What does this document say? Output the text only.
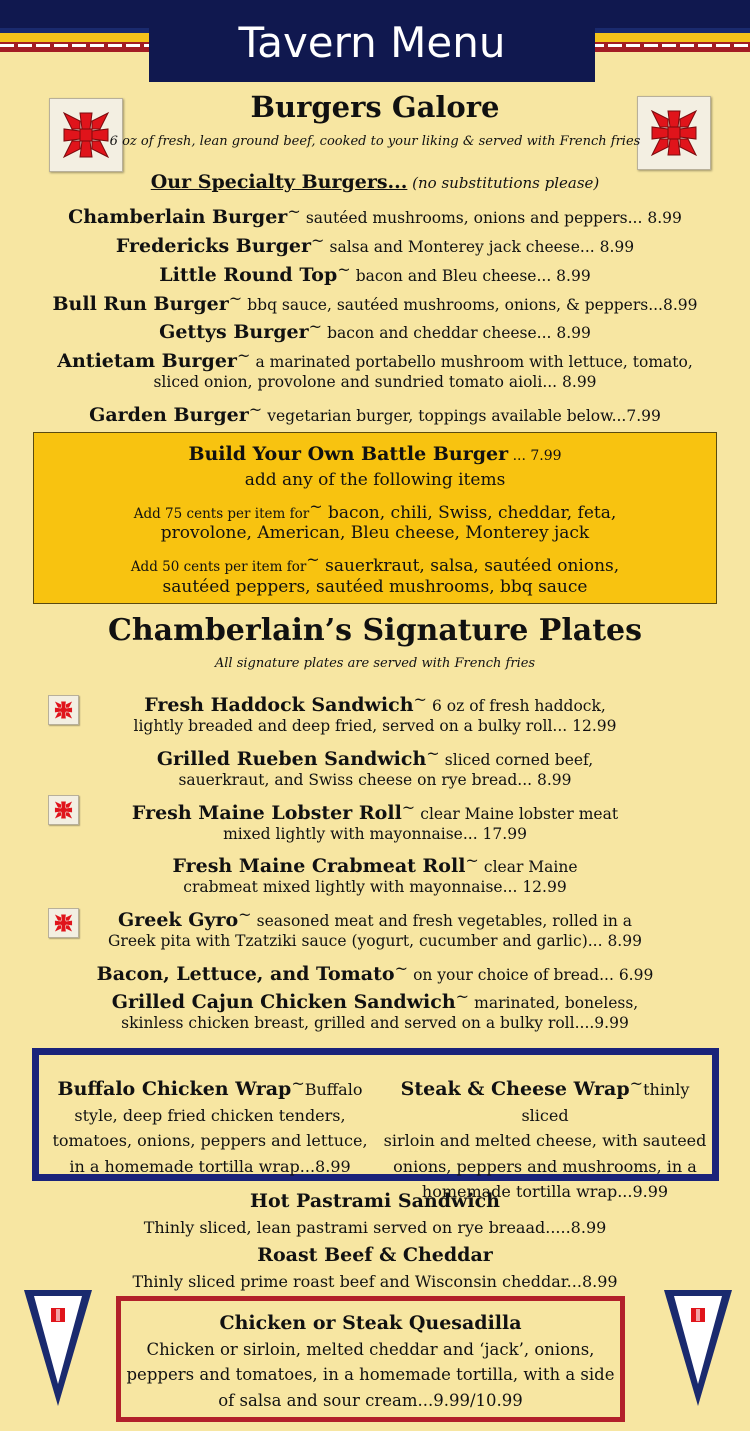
Tavern Menu
Burgers Galore
6 oz of fresh, lean ground beef, cooked to your liking & served with French fries
Our Specialty Burgers... (no substitutions please)
Chamberlain Burger~ sautéed mushrooms, onions and peppers... 8.99
Fredericks Burger~ salsa and Monterey jack cheese... 8.99
Little Round Top~ bacon and Bleu cheese... 8.99
Bull Run Burger~ bbq sauce, sautéed mushrooms, onions, & peppers...8.99
Gettys Burger~ bacon and cheddar cheese... 8.99
Antietam Burger~ a marinated portabello mushroom with lettuce, tomato,
sliced onion, provolone and sundried tomato aioli... 8.99
Garden Burger~ vegetarian burger, toppings available below...7.99
Build Your Own Battle Burger ... 7.99
add any of the following items
Add 75 cents per item for~ bacon, chili, Swiss, cheddar, feta,
provolone, American, Bleu cheese, Monterey jack
Add 50 cents per item for~ sauerkraut, salsa, sautéed onions,
sautéed peppers, sautéed mushrooms, bbq sauce
Chamberlain’s Signature Plates
All signature plates are served with French fries
Fresh Haddock Sandwich~ 6 oz of fresh haddock,
lightly breaded and deep fried, served on a bulky roll... 12.99
Grilled Rueben Sandwich~ sliced corned beef,
sauerkraut, and Swiss cheese on rye bread... 8.99
Fresh Maine Lobster Roll~ clear Maine lobster meat
mixed lightly with mayonnaise... 17.99
Fresh Maine Crabmeat Roll~ clear Maine
crabmeat mixed lightly with mayonnaise... 12.99
Greek Gyro~ seasoned meat and fresh vegetables, rolled in a
Greek pita with Tzatziki sauce (yogurt, cucumber and garlic)... 8.99
Bacon, Lettuce, and Tomato~ on your choice of bread... 6.99
Grilled Cajun Chicken Sandwich~ marinated, boneless,
skinless chicken breast, grilled and served on a bulky roll....9.99
Buffalo Chicken Wrap~Buffalo
style, deep fried chicken tenders,
tomatoes, onions, peppers and lettuce,
in a homemade tortilla wrap...8.99
Steak & Cheese Wrap~thinly sliced
sirloin and melted cheese, with sauteed
onions, peppers and mushrooms, in a
homemade tortilla wrap...9.99
Hot Pastrami Sandwich
Thinly sliced, lean pastrami served on rye breaad.....8.99
Roast Beef & Cheddar
Thinly sliced prime roast beef and Wisconsin cheddar...8.99
Chicken or Steak Quesadilla
Chicken or sirloin, melted cheddar and ‘jack’, onions,
peppers and tomatoes, in a homemade tortilla, with a side
of salsa and sour cream...9.99/10.99
